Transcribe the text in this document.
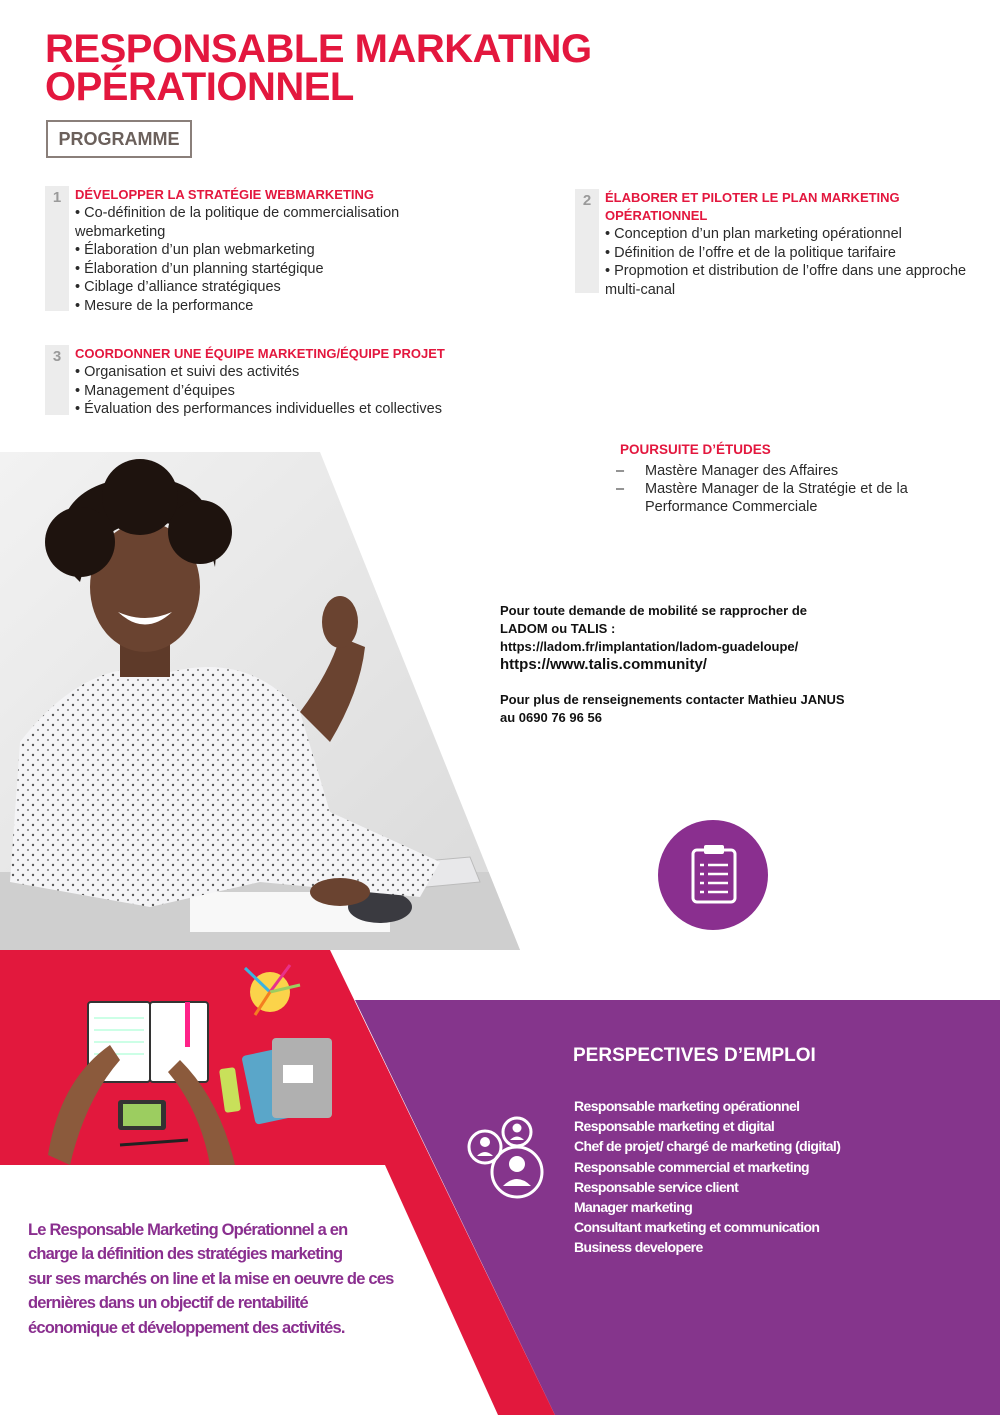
RESPONSABLE MARKATING
OPÉRATIONNEL
PROGRAMME
1	DÉVELOPPER LA STRATÉGIE WEBMARKETING

• Co-définition de la politique de commercialisation webmarketing
• Élaboration d’un plan webmarketing
• Élaboration d’un planning startégique
• Ciblage d’alliance stratégiques
• Mesure de la performance
2	ÉLABORER ET PILOTER LE PLAN MARKETING OPÉRATIONNEL

• Conception d’un plan marketing opérationnel
• Définition de l’offre et de la politique tarifaire
• Propmotion et distribution de l’offre dans une approche multi-canal
3	COORDONNER UNE ÉQUIPE MARKETING/ÉQUIPE PROJET

• Organisation et suivi des activités
• Management d’équipes
• Évaluation des performances individuelles et collectives

POURSUITE D’ÉTUDES

–	Mastère Manager des Affaires
–	Mastère Manager de la Stratégie et de la Performance Commerciale

Pour toute demande de mobilité se rapprocher de

LADOM ou TALIS :

https://ladom.fr/implantation/ladom-guadeloupe/

https://www.talis.community/

Pour plus de renseignements contacter Mathieu JANUS

au 0690 76 96 56

PERSPECTIVES D’EMPLOI
Responsable marketing opérationnel
Responsable marketing et digital
Chef de projet/ chargé de marketing (digital)
Responsable commercial et marketing
Responsable service client
Manager marketing
Consultant marketing et communication
Business developere

Le Responsable Marketing Opérationnel a en
charge la définition des stratégies marketing
sur ses marchés on line et la mise en oeuvre de ces
dernières dans un objectif de rentabilité
économique et développement des activités.
